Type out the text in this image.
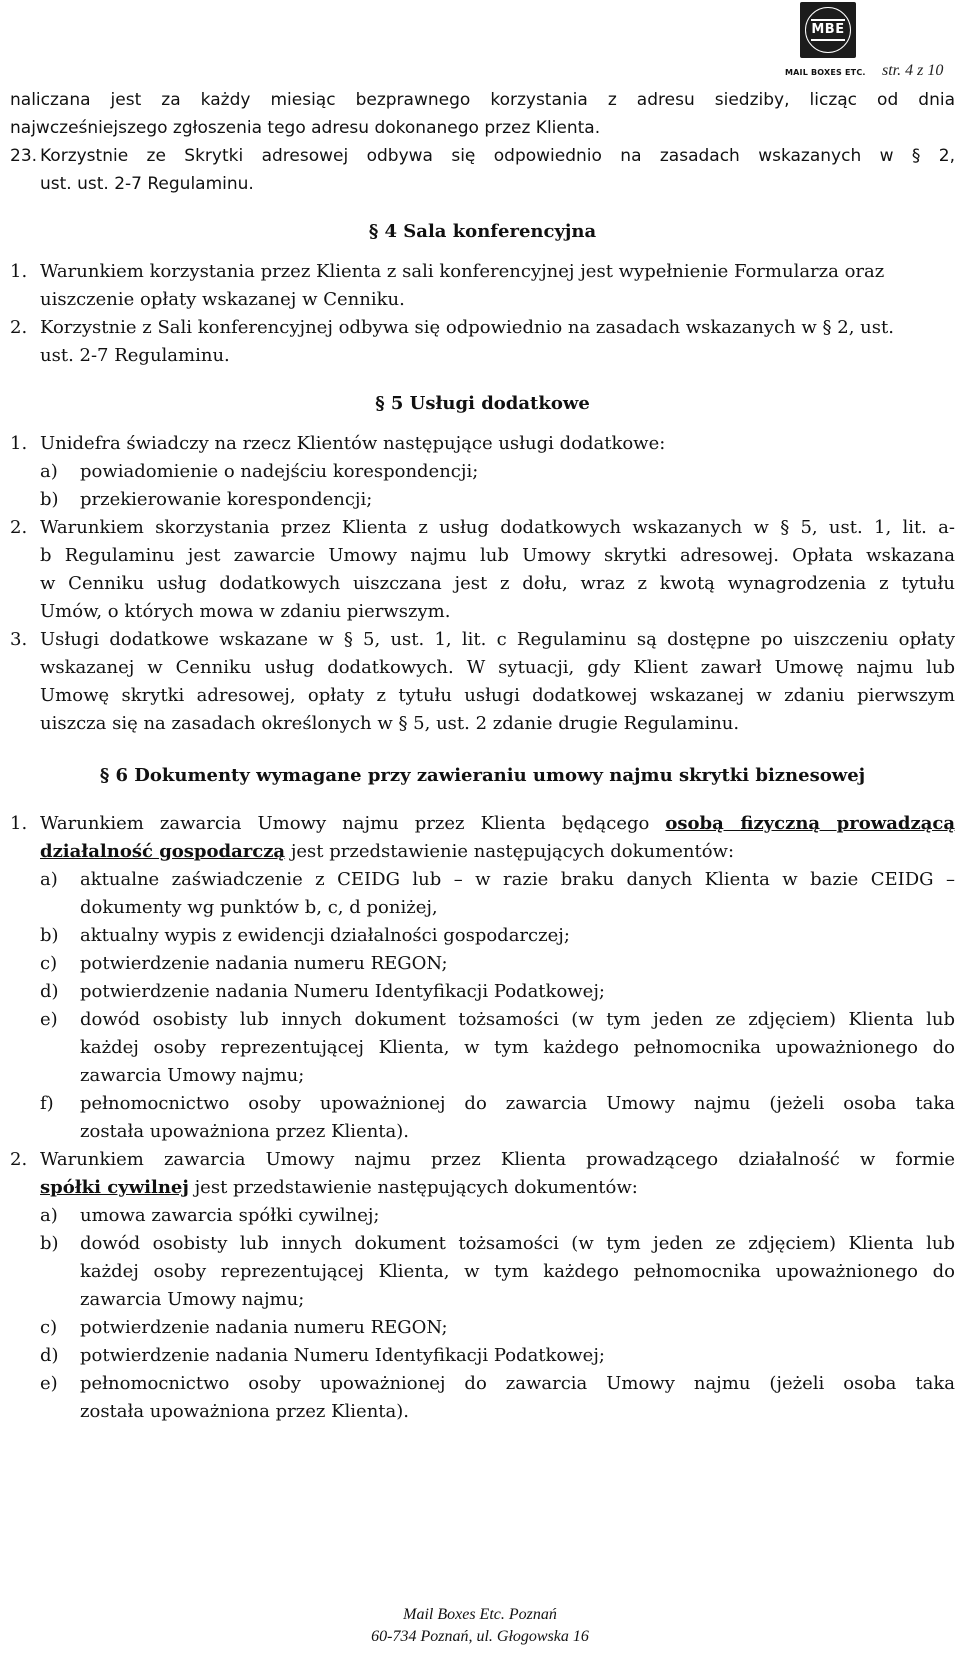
MBE
MAIL BOXES ETC. str. 4 z 10
naliczana jest za każdy miesiąc bezprawnego korzystania z adresu siedziby, licząc od dnia
najwcześniejszego zgłoszenia tego adresu dokonanego przez Klienta.
23. Korzystnie ze Skrytki adresowej odbywa się odpowiednio na zasadach wskazanych w § 2,
ust. ust. 2-7 Regulaminu.
§ 4 Sala konferencyjna
1. Warunkiem korzystania przez Klienta z sali konferencyjnej jest wypełnienie Formularza oraz
uiszczenie opłaty wskazanej w Cenniku.
2. Korzystnie z Sali konferencyjnej odbywa się odpowiednio na zasadach wskazanych w § 2, ust.
ust. 2-7 Regulaminu.
§ 5 Usługi dodatkowe
1. Unidefra świadczy na rzecz Klientów następujące usługi dodatkowe:
a) powiadomienie o nadejściu korespondencji;
b) przekierowanie korespondencji;
2. Warunkiem skorzystania przez Klienta z usług dodatkowych wskazanych w § 5, ust. 1, lit. a-
b Regulaminu jest zawarcie Umowy najmu lub Umowy skrytki adresowej. Opłata wskazana
w Cenniku usług dodatkowych uiszczana jest z dołu, wraz z kwotą wynagrodzenia z tytułu
Umów, o których mowa w zdaniu pierwszym.
3. Usługi dodatkowe wskazane w § 5, ust. 1, lit. c Regulaminu są dostępne po uiszczeniu opłaty
wskazanej w Cenniku usług dodatkowych. W sytuacji, gdy Klient zawarł Umowę najmu lub
Umowę skrytki adresowej, opłaty z tytułu usługi dodatkowej wskazanej w zdaniu pierwszym
uiszcza się na zasadach określonych w § 5, ust. 2 zdanie drugie Regulaminu.
§ 6 Dokumenty wymagane przy zawieraniu umowy najmu skrytki biznesowej
1. Warunkiem zawarcia Umowy najmu przez Klienta będącego osobą fizyczną prowadzącą
działalność gospodarczą jest przedstawienie następujących dokumentów:
a) aktualne zaświadczenie z CEIDG lub – w razie braku danych Klienta w bazie CEIDG –
dokumenty wg punktów b, c, d poniżej,
b) aktualny wypis z ewidencji działalności gospodarczej;
c) potwierdzenie nadania numeru REGON;
d) potwierdzenie nadania Numeru Identyfikacji Podatkowej;
e) dowód osobisty lub innych dokument tożsamości (w tym jeden ze zdjęciem) Klienta lub
każdej osoby reprezentującej Klienta, w tym każdego pełnomocnika upoważnionego do
zawarcia Umowy najmu;
f) pełnomocnictwo osoby upoważnionej do zawarcia Umowy najmu (jeżeli osoba taka
została upoważniona przez Klienta).
2. Warunkiem zawarcia Umowy najmu przez Klienta prowadzącego działalność w formie
spółki cywilnej jest przedstawienie następujących dokumentów:
a) umowa zawarcia spółki cywilnej;
b) dowód osobisty lub innych dokument tożsamości (w tym jeden ze zdjęciem) Klienta lub
każdej osoby reprezentującej Klienta, w tym każdego pełnomocnika upoważnionego do
zawarcia Umowy najmu;
c) potwierdzenie nadania numeru REGON;
d) potwierdzenie nadania Numeru Identyfikacji Podatkowej;
e) pełnomocnictwo osoby upoważnionej do zawarcia Umowy najmu (jeżeli osoba taka
została upoważniona przez Klienta).
Mail Boxes Etc. Poznań
60-734 Poznań, ul. Głogowska 16
